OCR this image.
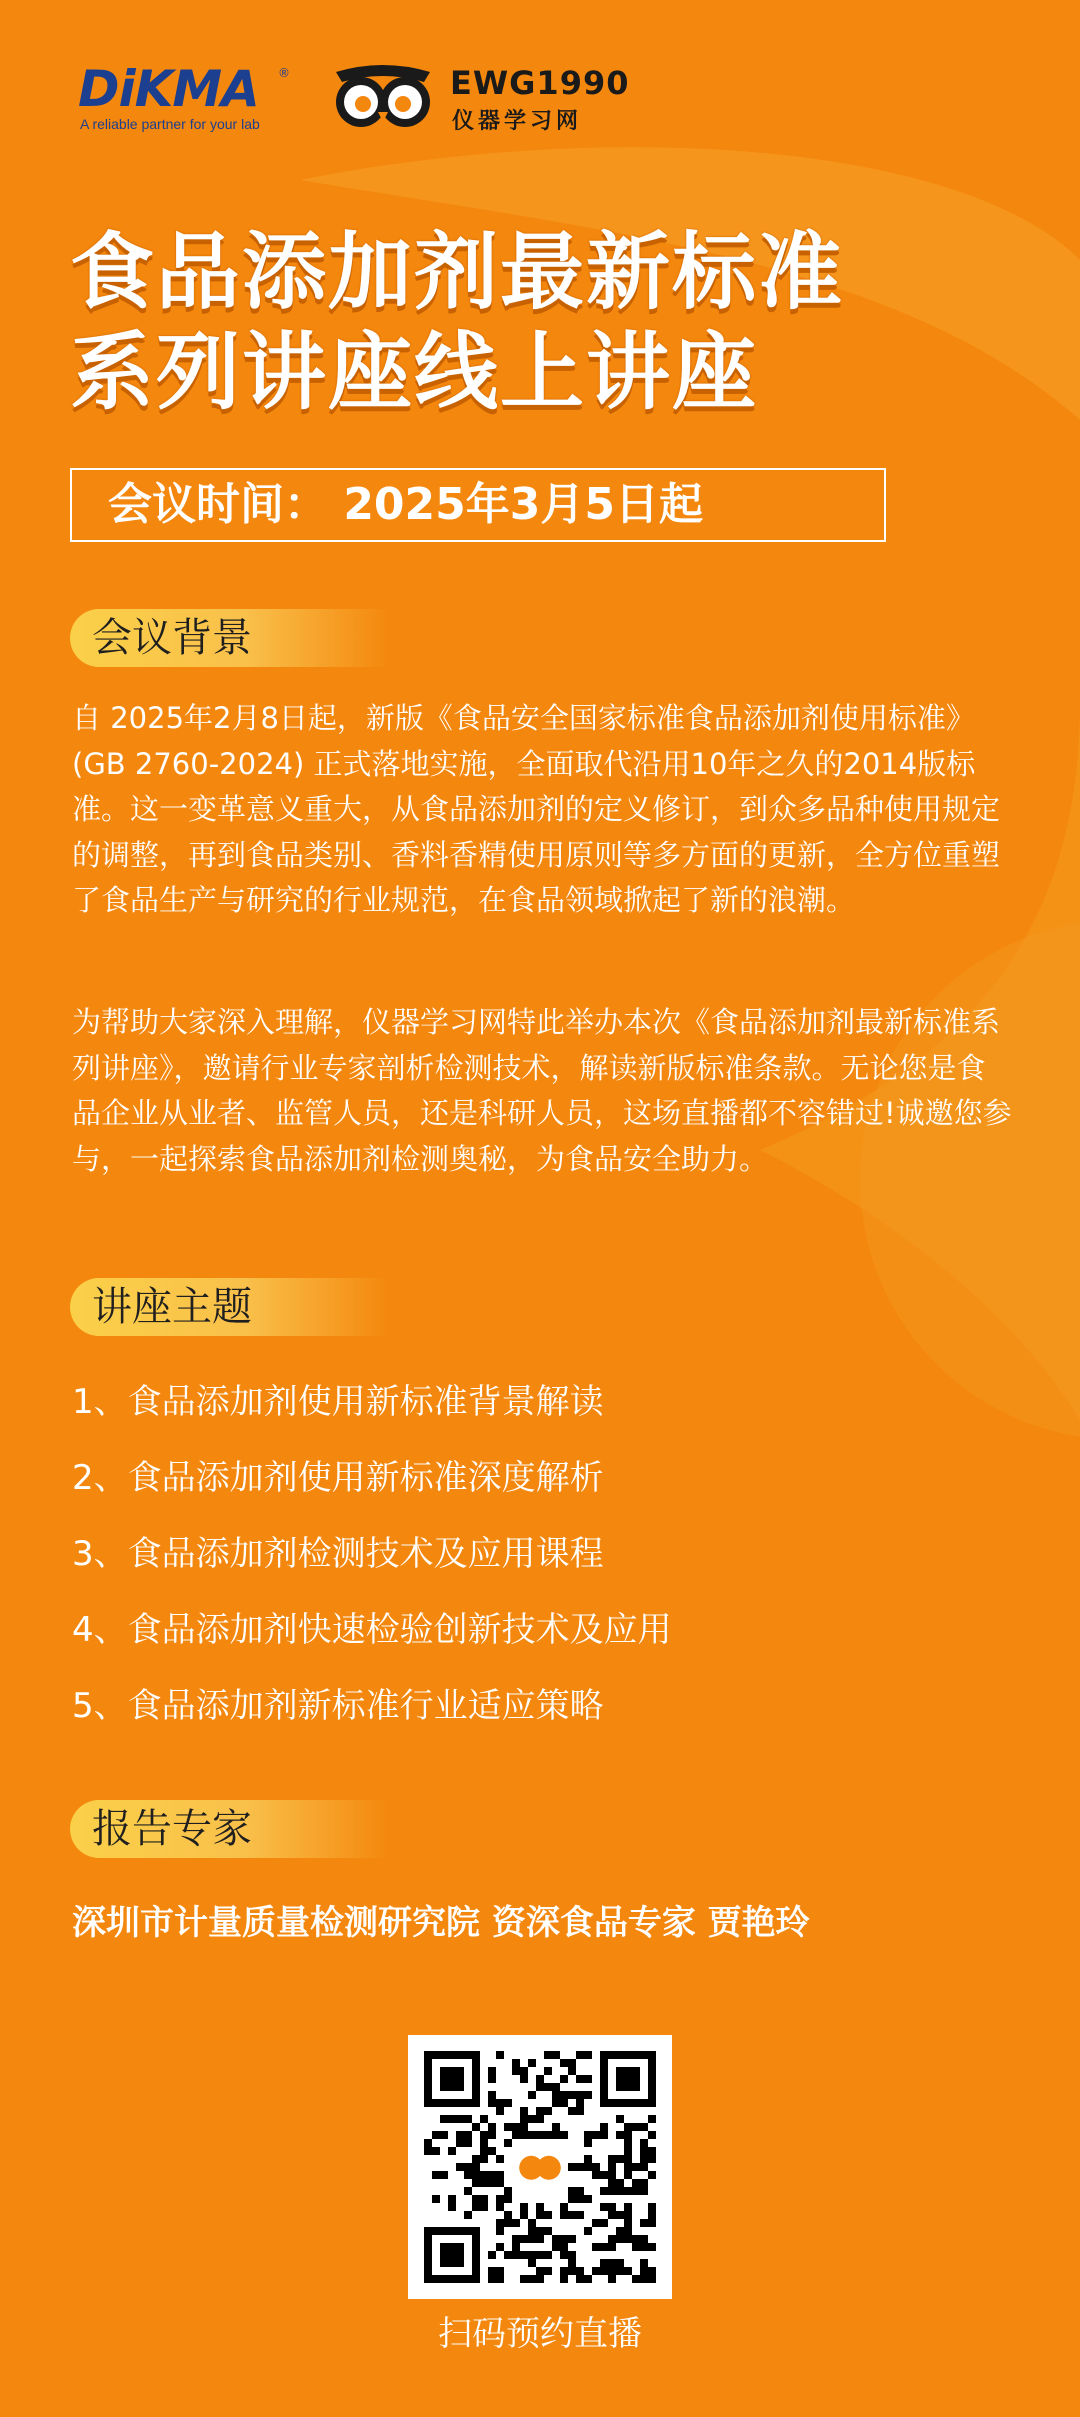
DiKMA ®
A reliable partner for your lab
EWG1990
仪器学习网
食品添加剂最新标准
系列讲座线上讲座
会议时间： 2025年3月5日起
会议背景

自 2025年2月8日起，新版《食品安全国家标准食品添加剂使用标准》(GB 2760-2024) 正式落地实施，全面取代沿用10年之久的2014版标准。这一变革意义重大，从食品添加剂的定义修订，到众多品种使用规定的调整，再到食品类别、香料香精使用原则等多方面的更新，全方位重塑了食品生产与研究的行业规范，在食品领域掀起了新的浪潮。

为帮助大家深入理解，仪器学习网特此举办本次《食品添加剂最新标准系列讲座》，邀请行业专家剖析检测技术，解读新版标准条款。无论您是食品企业从业者、监管人员，还是科研人员，这场直播都不容错过!诚邀您参与，一起探索食品添加剂检测奥秘，为食品安全助力。

讲座主题
1、食品添加剂使用新标准背景解读
2、食品添加剂使用新标准深度解析
3、食品添加剂检测技术及应用课程
4、食品添加剂快速检验创新技术及应用
5、食品添加剂新标准行业适应策略
报告专家
深圳市计量质量检测研究院 资深食品专家 贾艳玲
扫码预约直播
